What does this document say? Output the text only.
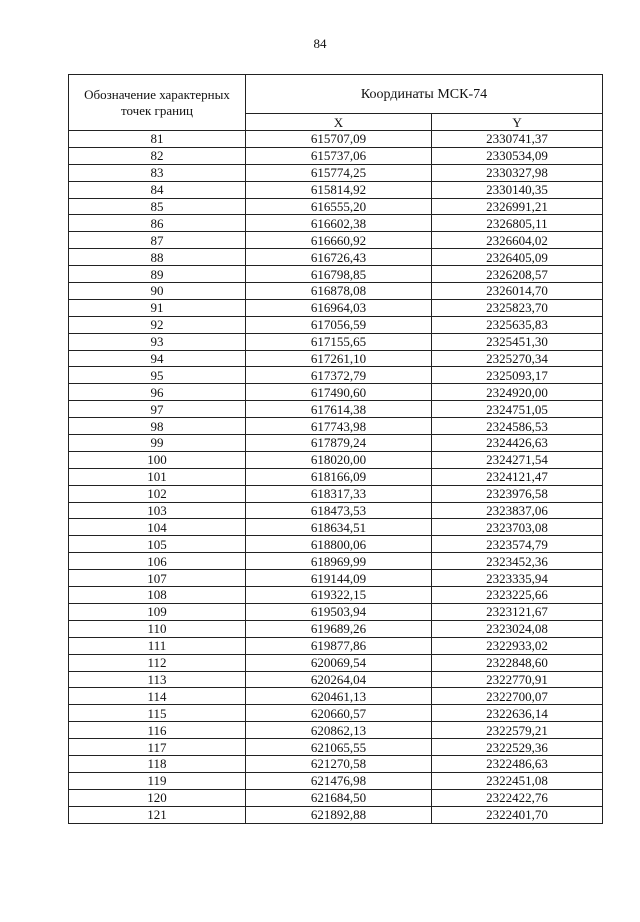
84
Обозначение характерных точек границ	Координаты МСК-74	
	X	Y
81	615707,09	2330741,37
82	615737,06	2330534,09
83	615774,25	2330327,98
84	615814,92	2330140,35
85	616555,20	2326991,21
86	616602,38	2326805,11
87	616660,92	2326604,02
88	616726,43	2326405,09
89	616798,85	2326208,57
90	616878,08	2326014,70
91	616964,03	2325823,70
92	617056,59	2325635,83
93	617155,65	2325451,30
94	617261,10	2325270,34
95	617372,79	2325093,17
96	617490,60	2324920,00
97	617614,38	2324751,05
98	617743,98	2324586,53
99	617879,24	2324426,63
100	618020,00	2324271,54
101	618166,09	2324121,47
102	618317,33	2323976,58
103	618473,53	2323837,06
104	618634,51	2323703,08
105	618800,06	2323574,79
106	618969,99	2323452,36
107	619144,09	2323335,94
108	619322,15	2323225,66
109	619503,94	2323121,67
110	619689,26	2323024,08
111	619877,86	2322933,02
112	620069,54	2322848,60
113	620264,04	2322770,91
114	620461,13	2322700,07
115	620660,57	2322636,14
116	620862,13	2322579,21
117	621065,55	2322529,36
118	621270,58	2322486,63
119	621476,98	2322451,08
120	621684,50	2322422,76
121	621892,88	2322401,70
